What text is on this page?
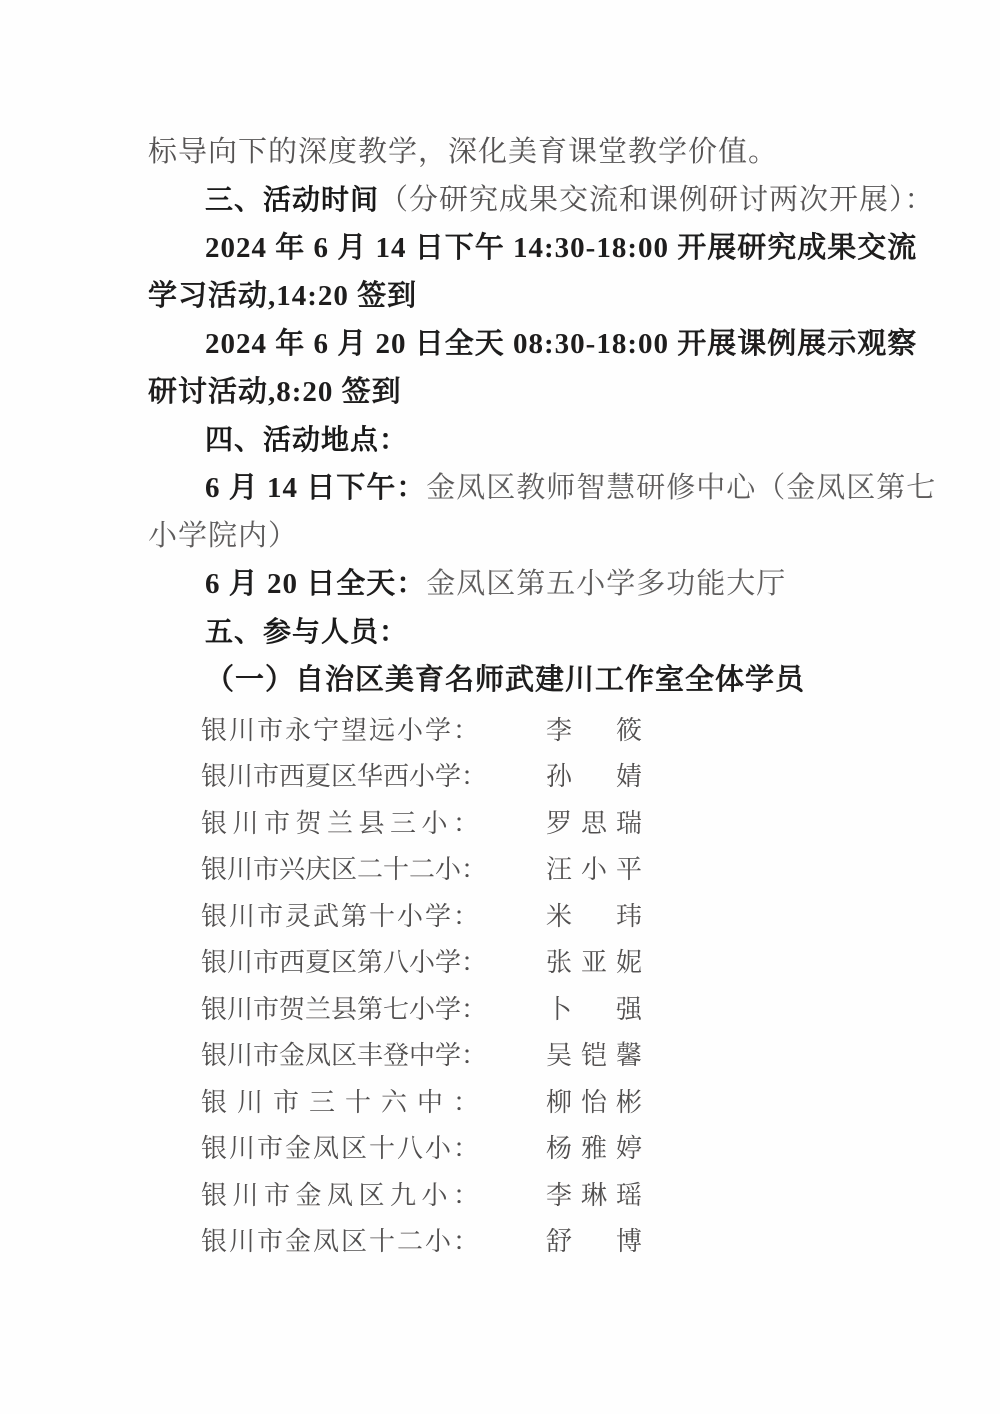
标导向下的深度教学，深化美育课堂教学价值。

三、活动时间（分研究成果交流和课例研讨两次开展）：

2024 年 6 月 14 日下午 14:30-18:00 开展研究成果交流

学习活动,14:20 签到

2024 年 6 月 20 日全天 08:30-18:00 开展课例展示观察

研讨活动,8:20 签到

四、活动地点：

6 月 14 日下午：金凤区教师智慧研修中心（金凤区第七

小学院内）

6 月 20 日全天：金凤区第五小学多功能大厅

五、参与人员：

（一）自治区美育名师武建川工作室全体学员

银川市永宁望远小学：	李　筱
银川市西夏区华西小学： 孙　婧
银川市贺兰县三小：	罗思瑞
银川市兴庆区二十二小： 汪小平
银川市灵武第十小学：	米　玮
银川市西夏区第八小学： 张亚妮
银川市贺兰县第七小学： 卜　强
银川市金凤区丰登中学： 吴铠馨
银川市三十六中：	柳怡彬
银川市金凤区十八小：	杨雅婷
银川市金凤区九小：	李琳瑶
银川市金凤区十二小：	舒　博
